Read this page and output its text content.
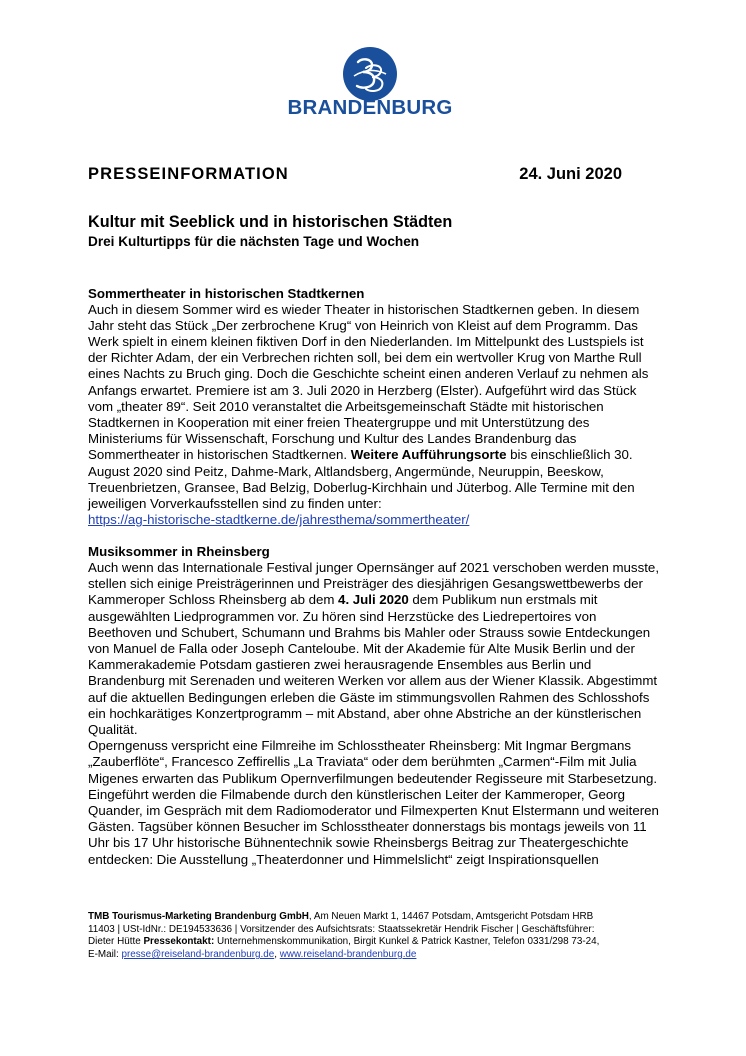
BRANDENBURG
PRESSEINFORMATION	24. Juni 2020
Kultur mit Seeblick und in historischen Städten
Drei Kulturtipps für die nächsten Tage und Wochen

Sommertheater in historischen Stadtkernen

Auch in diesem Sommer wird es wieder Theater in historischen Stadtkernen geben. In diesem Jahr steht das Stück „Der zerbrochene Krug“ von Heinrich von Kleist auf dem Programm. Das Werk spielt in einem kleinen fiktiven Dorf in den Niederlanden. Im Mittelpunkt des Lustspiels ist der Richter Adam, der ein Verbrechen richten soll, bei dem ein wertvoller Krug von Marthe Rull eines Nachts zu Bruch ging. Doch die Geschichte scheint einen anderen Verlauf zu nehmen als Anfangs erwartet. Premiere ist am 3. Juli 2020 in Herzberg (Elster). Aufgeführt wird das Stück vom „theater 89“. Seit 2010 veranstaltet die Arbeitsgemeinschaft Städte mit historischen Stadtkernen in Kooperation mit einer freien Theatergruppe und mit Unterstützung des Ministeriums für Wissenschaft, Forschung und Kultur des Landes Brandenburg das Sommertheater in historischen Stadtkernen. Weitere Aufführungsorte bis einschließlich 30. August 2020 sind Peitz, Dahme-Mark, Altlandsberg, Angermünde, Neuruppin, Beeskow, Treuenbrietzen, Gransee, Bad Belzig, Doberlug-Kirchhain und Jüterbog. Alle Termine mit den jeweiligen Vorverkaufsstellen sind zu finden unter:
https://ag-historische-stadtkerne.de/jahresthema/sommertheater/

Musiksommer in Rheinsberg

Auch wenn das Internationale Festival junger Opernsänger auf 2021 verschoben werden musste, stellen sich einige Preisträgerinnen und Preisträger des diesjährigen Gesangswettbewerbs der Kammeroper Schloss Rheinsberg ab dem 4. Juli 2020 dem Publikum nun erstmals mit ausgewählten Liedprogrammen vor. Zu hören sind Herzstücke des Liedrepertoires von Beethoven und Schubert, Schumann und Brahms bis Mahler oder Strauss sowie Entdeckungen von Manuel de Falla oder Joseph Canteloube. Mit der Akademie für Alte Musik Berlin und der Kammerakademie Potsdam gastieren zwei herausragende Ensembles aus Berlin und Brandenburg mit Serenaden und weiteren Werken vor allem aus der Wiener Klassik. Abgestimmt auf die aktuellen Bedingungen erleben die Gäste im stimmungsvollen Rahmen des Schlosshofs ein hochkarätiges Konzertprogramm – mit Abstand, aber ohne Abstriche an der künstlerischen Qualität.

Operngenuss verspricht eine Filmreihe im Schlosstheater Rheinsberg: Mit Ingmar Bergmans „Zauberflöte“, Francesco Zeffirellis „La Traviata“ oder dem berühmten „Carmen“-Film mit Julia Migenes erwarten das Publikum Opernverfilmungen bedeutender Regisseure mit Starbesetzung. Eingeführt werden die Filmabende durch den künstlerischen Leiter der Kammeroper, Georg Quander, im Gespräch mit dem Radiomoderator und Filmexperten Knut Elstermann und weiteren Gästen. Tagsüber können Besucher im Schlosstheater donnerstags bis montags jeweils von 11 Uhr bis 17 Uhr historische Bühnentechnik sowie Rheinsbergs Beitrag zur Theatergeschichte entdecken: Die Ausstellung „Theaterdonner und Himmelslicht“ zeigt Inspirationsquellen

TMB Tourismus-Marketing Brandenburg GmbH, Am Neuen Markt 1, 14467 Potsdam, Amtsgericht Potsdam HRB 11403 | USt-IdNr.: DE194533636 | Vorsitzender des Aufsichtsrats: Staatssekretär Hendrik Fischer | Geschäftsführer: Dieter Hütte Pressekontakt: Unternehmenskommunikation, Birgit Kunkel & Patrick Kastner, Telefon 0331/298 73-24, E-Mail: presse@reiseland-brandenburg.de, www.reiseland-brandenburg.de
